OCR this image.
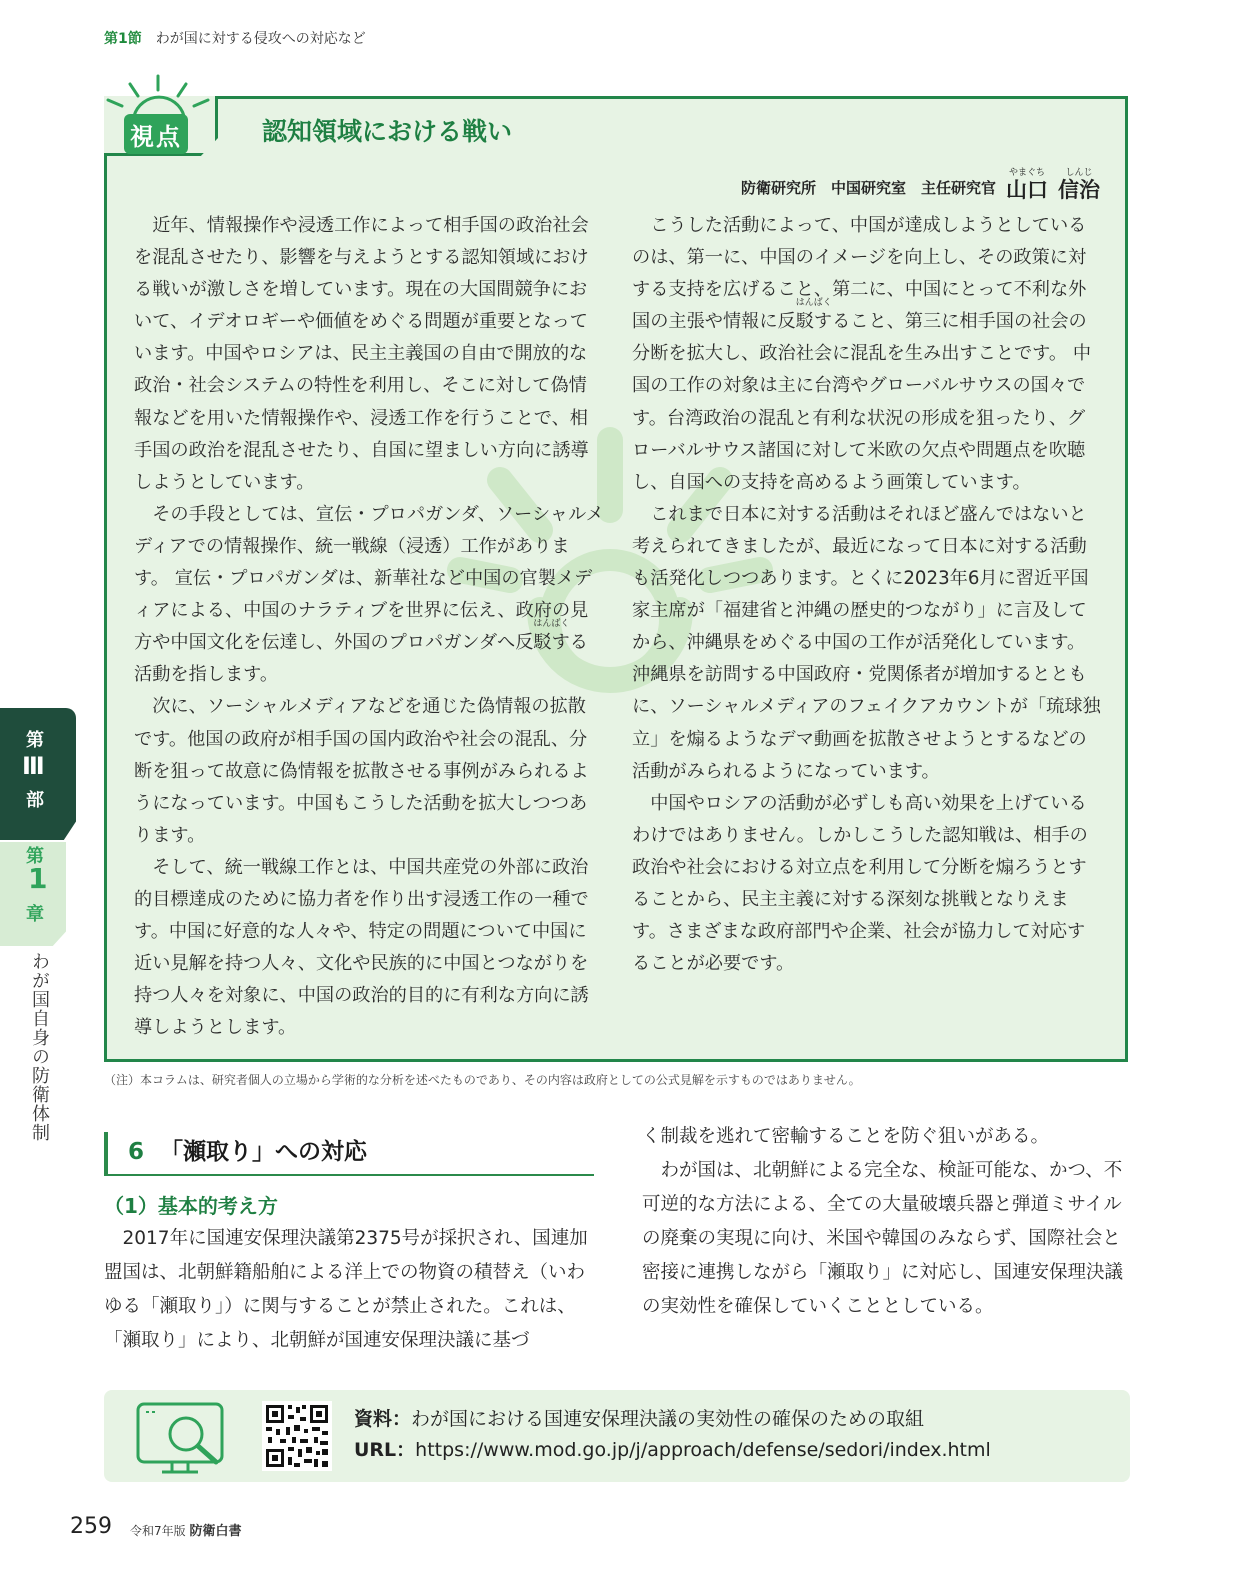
第1節 わが国に対する侵攻への対応など
視点	認知領域における戦い
防衛研究所　中国研究室　主任研究官
やまぐち
山口
しんじ
信治

近年、情報操作や浸透工作によって相手国の政治社会を混乱させたり、影響を与えようとする認知領域における戦いが激しさを増しています。現在の大国間競争において、イデオロギーや価値をめぐる問題が重要となっています。中国やロシアは、民主主義国の自由で開放的な政治・社会システムの特性を利用し、そこに対して偽情報などを用いた情報操作や、浸透工作を行うことで、相手国の政治を混乱させたり、自国に望ましい方向に誘導しようとしています。

その手段としては、宣伝・プロパガンダ、ソーシャルメディアでの情報操作、統一戦線（浸透）工作があります。 宣伝・プロパガンダは、新華社など中国の官製メディアによる、中国のナラティブを世界に伝え、政府の見方や中国文化を伝達し、外国のプロパガンダへ
はんばく
反駁する活動を指します。

次に、ソーシャルメディアなどを通じた偽情報の拡散です。他国の政府が相手国の国内政治や社会の混乱、分断を狙って故意に偽情報を拡散させる事例がみられるようになっています。中国もこうした活動を拡大しつつあります。

そして、統一戦線工作とは、中国共産党の外部に政治的目標達成のために協力者を作り出す浸透工作の一種です。中国に好意的な人々や、特定の問題について中国に近い見解を持つ人々、文化や民族的に中国とつながりを持つ人々を対象に、中国の政治的目的に有利な方向に誘導しようとします。

こうした活動によって、中国が達成しようとしているのは、第一に、中国のイメージを向上し、その政策に対する支持を広げること、第二に、中国にとって不利な外国の主張や情報に
はんばく
反駁すること、第三に相手国の社会の分断を拡大し、政治社会に混乱を生み出すことです。 中国の工作の対象は主に台湾やグローバルサウスの国々です。台湾政治の混乱と有利な状況の形成を狙ったり、グローバルサウス諸国に対して米欧の欠点や問題点を吹聴し、自国への支持を高めるよう画策しています。

これまで日本に対する活動はそれほど盛んではないと考えられてきましたが、最近になって日本に対する活動も活発化しつつあります。とくに2023年6月に習近平国家主席が「福建省と沖縄の歴史的つながり」に言及してから、沖縄県をめぐる中国の工作が活発化しています。沖縄県を訪問する中国政府・党関係者が増加するとともに、ソーシャルメディアのフェイクアカウントが「琉球独立」を煽るようなデマ動画を拡散させようとするなどの活動がみられるようになっています。

中国やロシアの活動が必ずしも高い効果を上げているわけではありません。しかしこうした認知戦は、相手の政治や社会における対立点を利用して分断を煽ろうとすることから、民主主義に対する深刻な挑戦となりえます。さまざまな政府部門や企業、社会が協力して対応することが必要です。

（注）本コラムは、研究者個人の立場から学術的な分析を述べたものであり、その内容は政府としての公式見解を示すものではありません。
6 「瀬取り」への対応
（1）基本的考え方

2017年に国連安保理決議第2375号が採択され、国連加盟国は、北朝鮮籍船舶による洋上での物資の積替え（いわゆる「瀬取り」）に関与することが禁止された。これは、「瀬取り」により、北朝鮮が国連安保理決議に基づ

く制裁を逃れて密輸することを防ぐ狙いがある。

わが国は、北朝鮮による完全な、検証可能な、かつ、不可逆的な方法による、全ての大量破壊兵器と弾道ミサイルの廃棄の実現に向け、米国や韓国のみならず、国際社会と密接に連携しながら「瀬取り」に対応し、国連安保理決議の実効性を確保していくこととしている。

資料：わが国における国連安保理決議の実効性の確保のための取組
URL：https://www.mod.go.jp/j/approach/defense/sedori/index.html
第
Ⅲ
部
第
1
章
わが国自身の防衛体制
259 令和7年版 防衛白書
